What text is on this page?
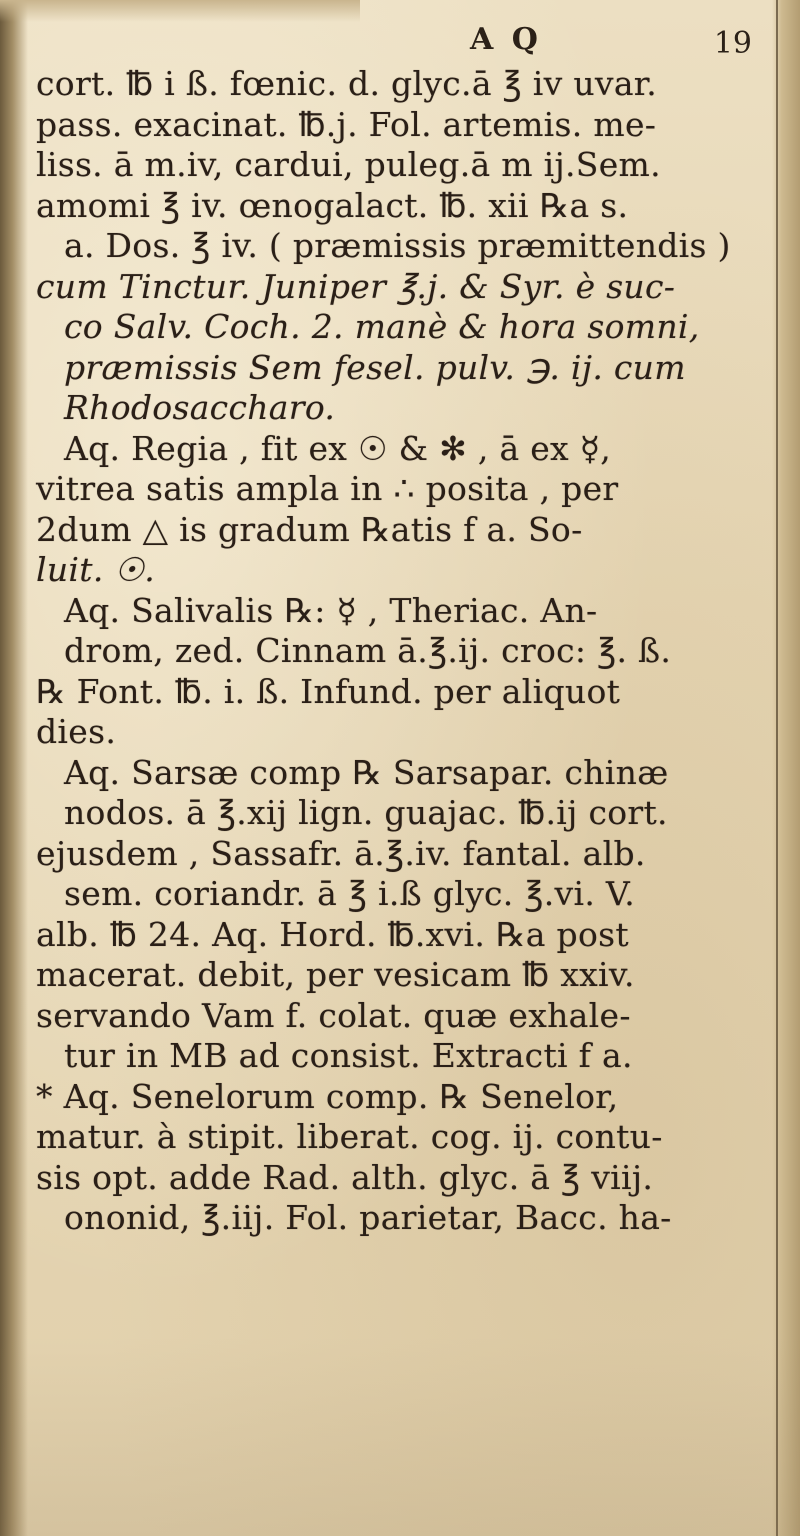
A Q	19
cort. ℔ i ß. fœnic. d. glyc.ā ℥ iv uvar.
pass. exacinat. ℔.j. Fol. artemis. me-
liss. ā m.iv, cardui, puleg.ā m ij.Sem.
amomi ℥ iv. œnogalact. ℔. xii ℞a s.
a. Dos. ℥ iv. ( præmissis præmittendis )
cum Tinctur. Juniper ℥.j. & Syr. è suc-
co Salv. Coch. 2. manè & hora somni,
præmissis Sem fesel. pulv. ℈. ij. cum
Rhodosaccharo.
Aq. Regia , fit ex ☉ & ✻ , ā ex ☿,
vitrea satis ampla in ∴ posita , per
2dum △ is gradum ℞atis f a. So-
luit. ☉.
Aq. Salivalis ℞: ☿ , Theriac. An-
drom, zed. Cinnam ā.℥.ij. croc: ℥. ß.
℞ Font. ℔. i. ß. Infund. per aliquot
dies.
Aq. Sarsæ comp ℞ Sarsapar. chinæ
nodos. ā ℥.xij lign. guajac. ℔.ij cort.
ejusdem , Sassafr. ā.℥.iv. fantal. alb.
sem. coriandr. ā ℥ i.ß glyc. ℥.vi. V.
alb. ℔ 24. Aq. Hord. ℔.xvi. ℞a post
macerat. debit, per vesicam ℔ xxiv.
servando Vam f. colat. quæ exhale-
tur in MB ad consist. Extracti f a.
* Aq. Senelorum comp. ℞ Senelor,
matur. à stipit. liberat. cog. ij. contu-
sis opt. adde Rad. alth. glyc. ā ℥ viij.
ononid, ℥.iij. Fol. parietar, Bacc. ha-
